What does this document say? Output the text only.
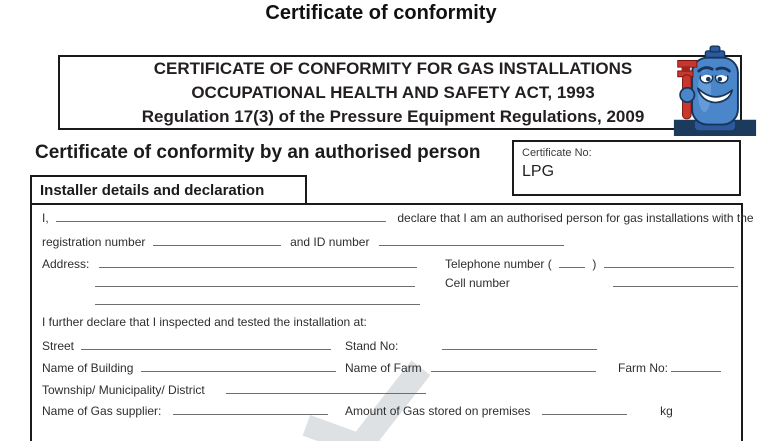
Certificate of conformity
CERTIFICATE OF CONFORMITY FOR GAS INSTALLATIONS
OCCUPATIONAL HEALTH AND SAFETY ACT, 1993
Regulation 17(3) of the Pressure Equipment Regulations, 2009
Certificate of conformity by an authorised person	Certificate No:
LPG
Installer details and declaration
I,	declare that I am an authorised person for gas installations with the
registration number	and ID number
Address:	Telephone number (	)
Cell number
I further declare that I inspected and tested the installation at:
Street	Stand No:
Name of Building	Name of Farm	Farm No:
Township/ Municipality/ District
Name of Gas supplier:	Amount of Gas stored on premises	kg
